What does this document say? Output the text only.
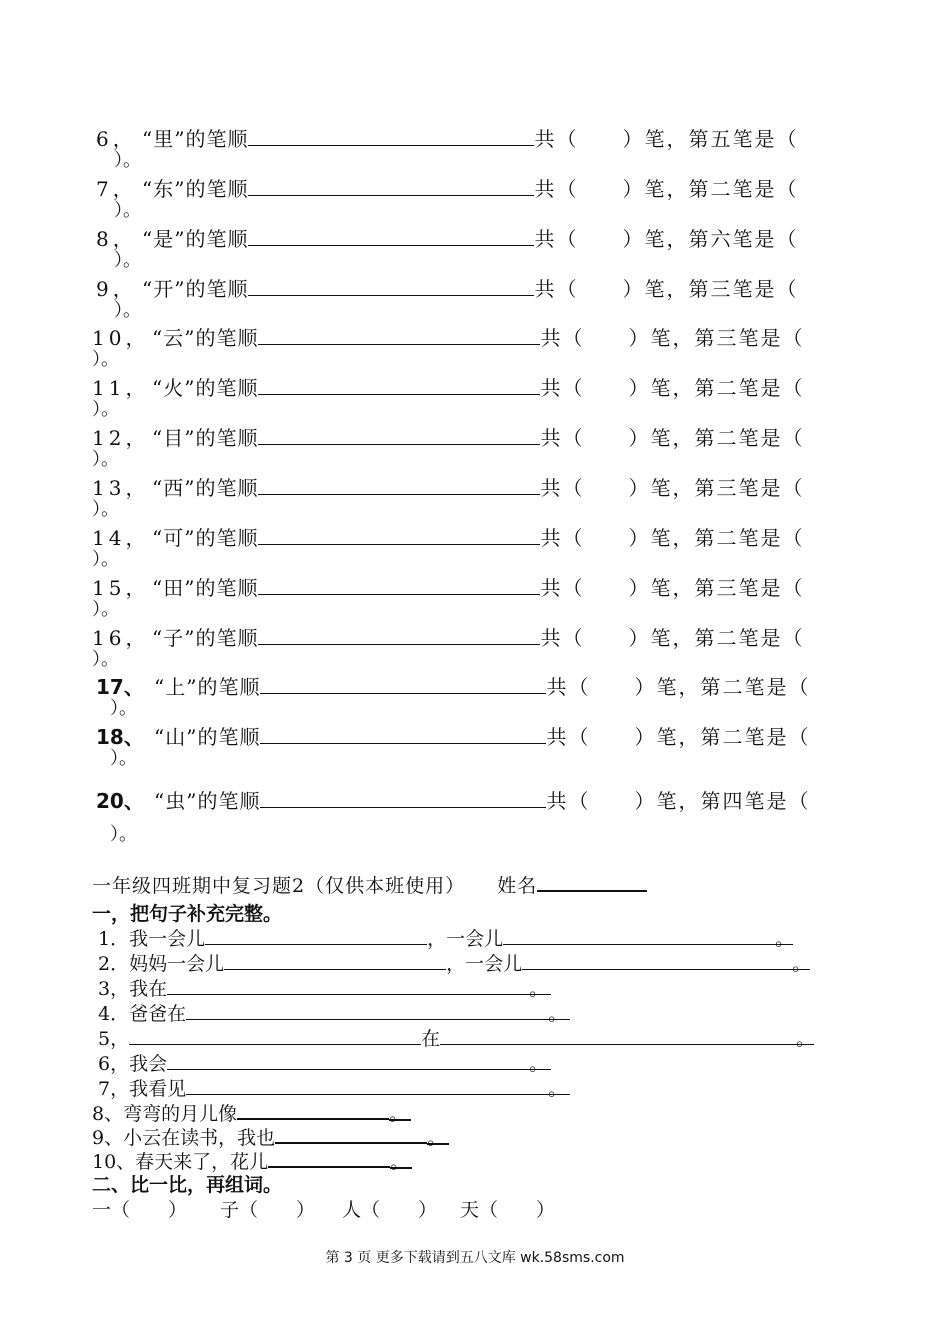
6， “里”的笔顺	共（　　）笔，第五笔是（
）。
7， “东”的笔顺	共（　　）笔，第二笔是（
）。
8， “是”的笔顺	共（　　）笔，第六笔是（
）。
9， “开”的笔顺	共（　　）笔，第三笔是（
）。
10， “云”的笔顺	共（　　）笔，第三笔是（
）。
11， “火”的笔顺	共（　　）笔，第二笔是（
）。
12， “目”的笔顺	共（　　）笔，第二笔是（
）。
13， “西”的笔顺	共（　　）笔，第三笔是（
）。
14， “可”的笔顺	共（　　）笔，第二笔是（
）。
15， “田”的笔顺	共（　　）笔，第三笔是（
）。
16， “子”的笔顺	共（　　）笔，第二笔是（
）。
17、 “上”的笔顺	共（　　）笔，第二笔是（
）。
18、 “山”的笔顺	共（　　）笔，第二笔是（
）。
20、 “虫”的笔顺	共（　　）笔，第四笔是（
）。
一年级四班期中复习题2（仅供本班使用） 姓名
一，把句子补充完整。
1．我一会儿	，一会儿	。
2．妈妈一会儿	，一会儿	。
3，我在	。
4．爸爸在	。
5，	在	。
6，我会	。
7，我看见	。
8、弯弯的月儿像	。
9、小云在读书，我也	。
10、春天来了，花儿	。
二、比一比，再组词。
一（　　） 子（　　） 人（　　） 天（　　）
第 3 页 更多下载请到五八文库 wk.58sms.com
